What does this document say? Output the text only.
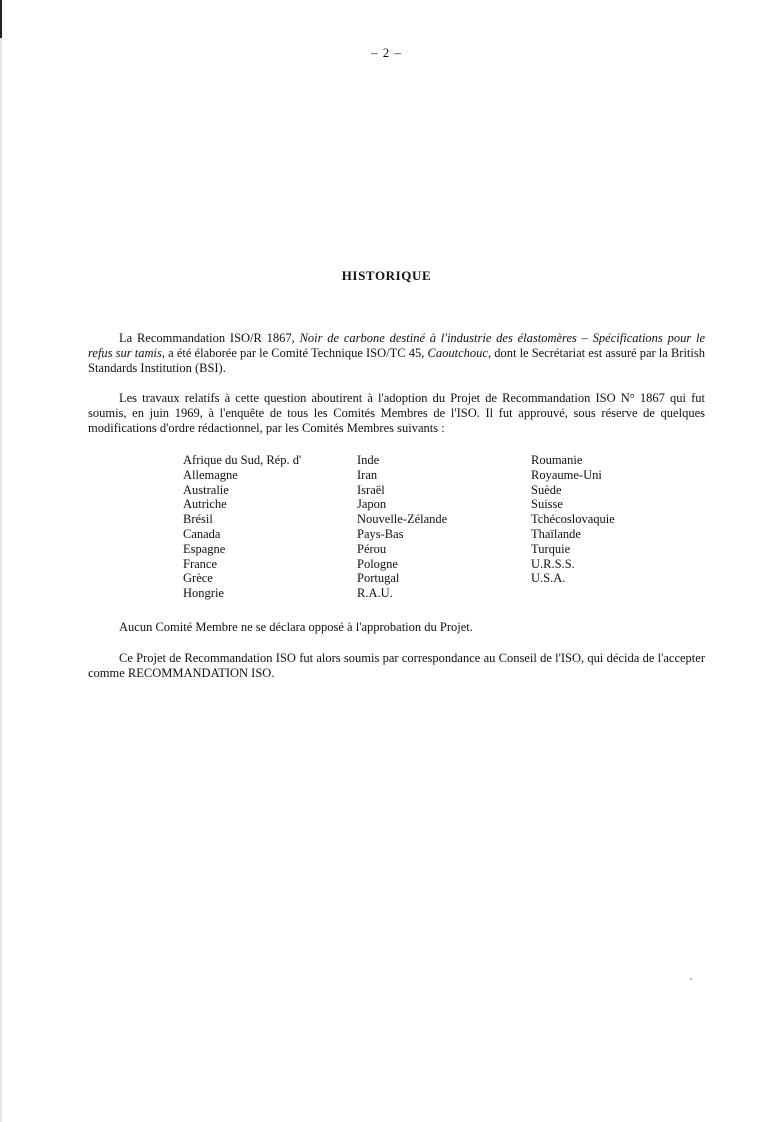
– 2 –
HISTORIQUE

La Recommandation ISO/R 1867, Noir de carbone destiné à l'industrie des élastomères – Spécifications pour le refus sur tamis, a été élaborée par le Comité Technique ISO/TC 45, Caoutchouc, dont le Secrétariat est assuré par la British Standards Institution (BSI).

Les travaux relatifs à cette question aboutirent à l'adoption du Projet de Recommandation ISO N° 1867 qui fut soumis, en juin 1969, à l'enquête de tous les Comités Membres de l'ISO. Il fut approuvé, sous réserve de quelques modifications d'ordre rédactionnel, par les Comités Membres suivants :

Afrique du Sud, Rép. d'
Allemagne
Australie
Autriche
Brésil
Canada
Espagne
France
Grèce
Hongrie
Inde
Iran
Israël
Japon
Nouvelle-Zélande
Pays-Bas
Pérou
Pologne
Portugal
R.A.U.
Roumanie
Royaume-Uni
Suède
Suisse
Tchécoslovaquie
Thaïlande
Turquie
U.R.S.S.
U.S.A.

Aucun Comité Membre ne se déclara opposé à l'approbation du Projet.

Ce Projet de Recommandation ISO fut alors soumis par correspondance au Conseil de l'ISO, qui décida de l'accepter comme RECOMMANDATION ISO.
